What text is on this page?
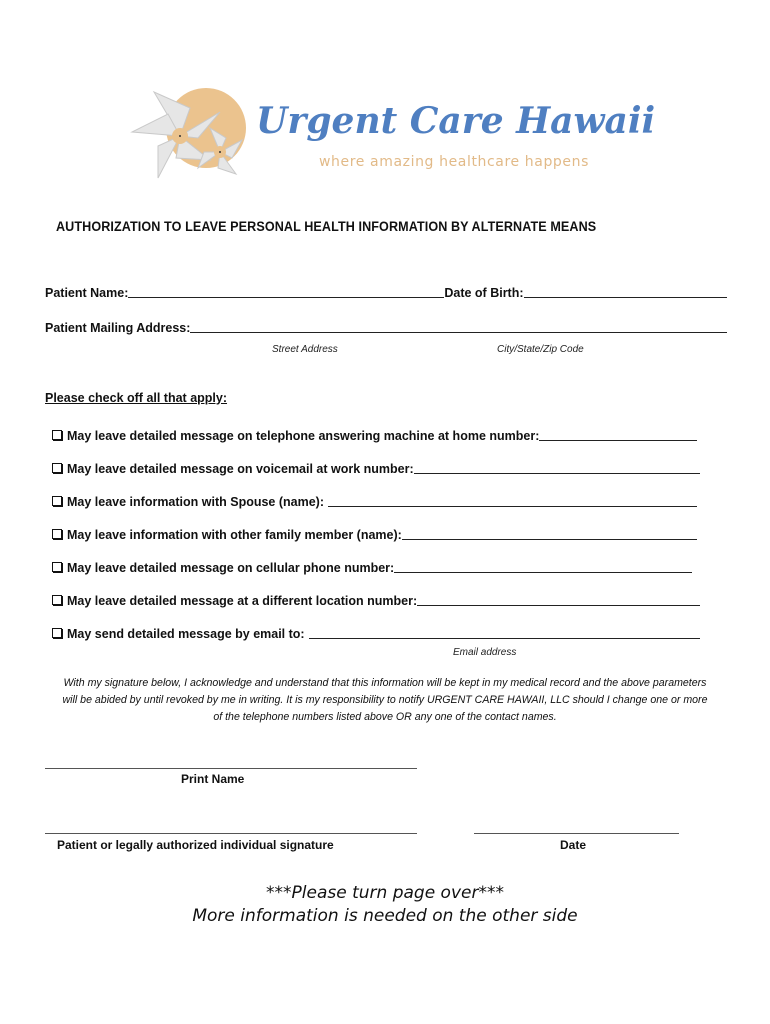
Urgent Care Hawaii
where amazing healthcare happens
AUTHORIZATION TO LEAVE PERSONAL HEALTH INFORMATION BY ALTERNATE MEANS
Patient Name:	Date of Birth:
Patient Mailing Address:
Street Address	City/State/Zip Code
Please check off all that apply:
May leave detailed message on telephone answering machine at home number:
May leave detailed message on voicemail at work number:
May leave information with Spouse (name):
May leave information with other family member (name):
May leave detailed message on cellular phone number:
May leave detailed message at a different location number:
May send detailed message by email to:
Email address
With my signature below, I acknowledge and understand that this information will be kept in my medical record and the above parameters will be abided by until revoked by me in writing. It is my responsibility to notify URGENT CARE HAWAII, LLC should I change one or more of the telephone numbers listed above OR any one of the contact names.
Print Name
Patient or legally authorized individual signature	Date
***Please turn page over***
More information is needed on the other side
